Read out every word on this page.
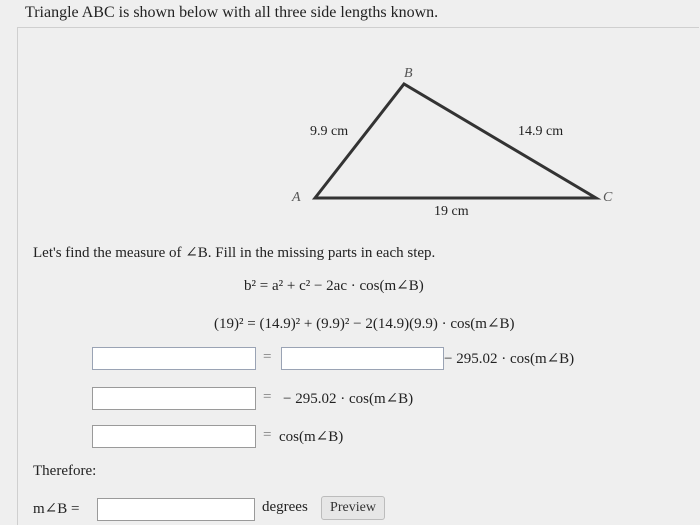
Triangle ABC is shown below with all three side lengths known.
B
A	C
9.9 cm	14.9 cm
19 cm
Let's find the measure of ∠B. Fill in the missing parts in each step.
b² = a² + c² − 2ac · cos(m∠B)
(19)² = (14.9)² + (9.9)² − 2(14.9)(9.9) · cos(m∠B)
=	− 295.02 · cos(m∠B)
= − 295.02 · cos(m∠B)
= cos(m∠B)
Therefore:
m∠B =	degrees	Preview
